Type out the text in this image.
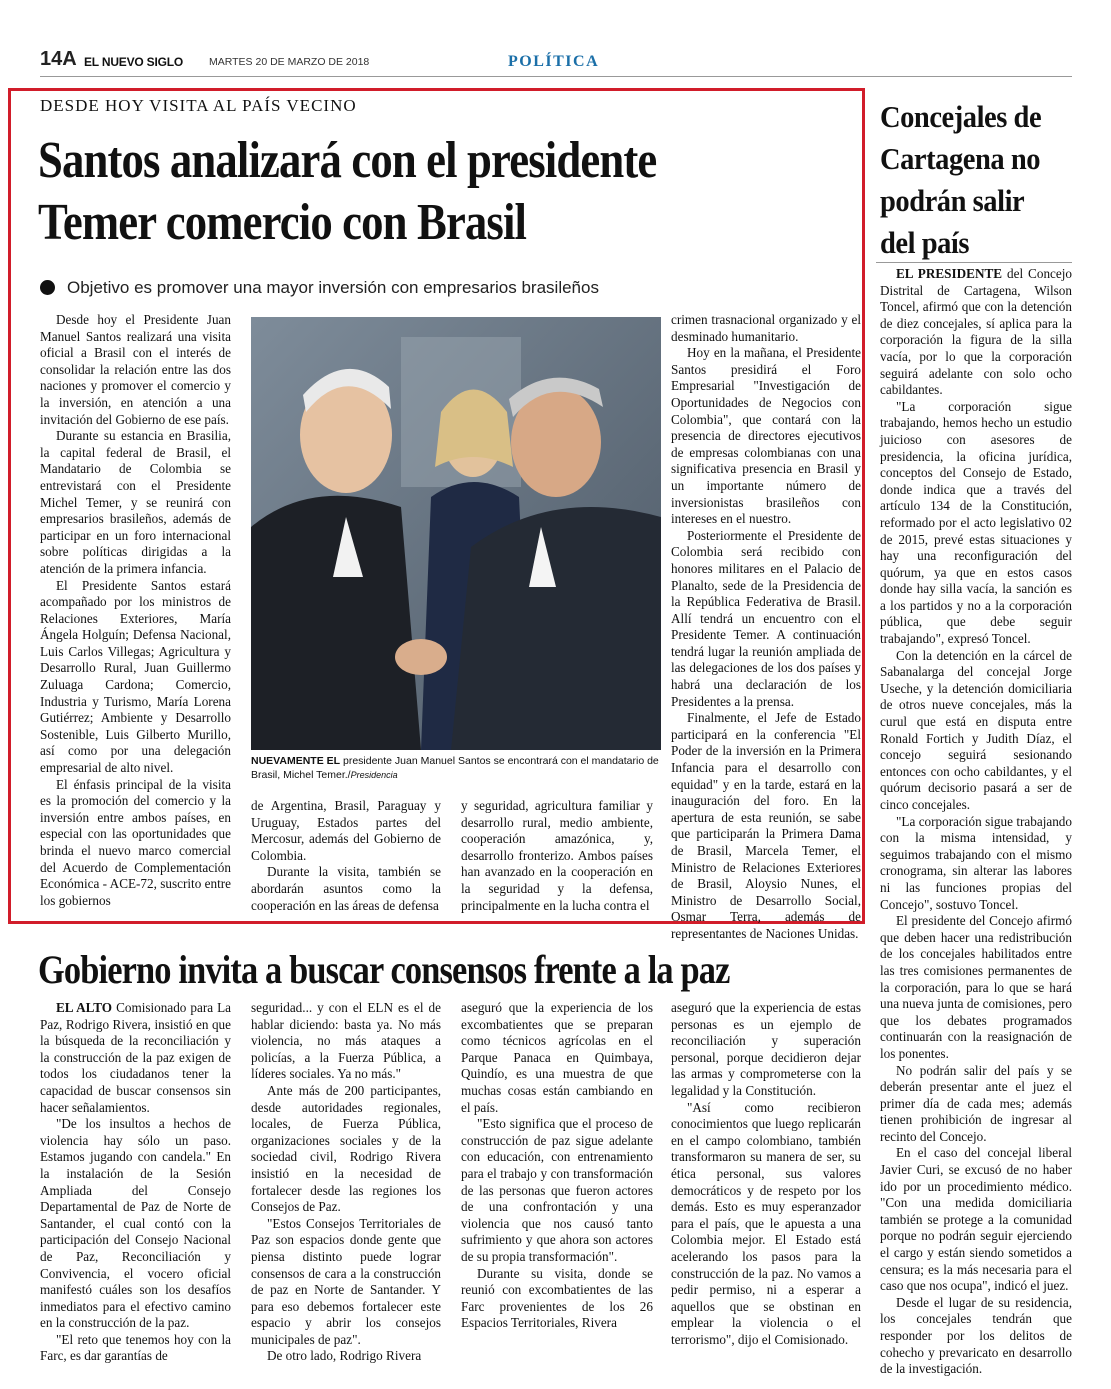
14A EL NUEVO SIGLO MARTES 20 DE MARZO DE 2018	POLÍTICA
DESDE HOY VISITA AL PAÍS VECINO
Santos analizará con el presidente
Temer comercio con Brasil
Objetivo es promover una mayor inversión con empresarios brasileños

Desde hoy el Presidente Juan Manuel Santos realizará una visita oficial a Brasil con el interés de consolidar la relación entre las dos naciones y promover el comercio y la inversión, en atención a una invitación del Gobierno de ese país.

Durante su estancia en Brasilia, la capital federal de Brasil, el Mandatario de Colombia se entrevistará con el Presidente Michel Temer, y se reunirá con empresarios brasileños, además de participar en un foro internacional sobre políticas dirigidas a la atención de la primera infancia.

El Presidente Santos estará acompañado por los ministros de Relaciones Exteriores, María Ángela Holguín; Defensa Nacional, Luis Carlos Villegas; Agricultura y Desarrollo Rural, Juan Guillermo Zuluaga Cardona; Comercio, Industria y Turismo, María Lorena Gutiérrez; Ambiente y Desarrollo Sostenible, Luis Gilberto Murillo, así como por una delegación empresarial de alto nivel.

El énfasis principal de la visita es la promoción del comercio y la inversión entre ambos países, en especial con las oportunidades que brinda el nuevo marco comercial del Acuerdo de Complementación Económica - ACE-72, suscrito entre los gobiernos

NUEVAMENTE EL presidente Juan Manuel Santos se encontrará con el mandatario de Brasil, Michel Temer./Presidencia

de Argentina, Brasil, Paraguay y Uruguay, Estados partes del Mercosur, además del Gobierno de Colombia.

Durante la visita, también se abordarán asuntos como la cooperación en las áreas de defensa

y seguridad, agricultura familiar y desarrollo rural, medio ambiente, cooperación amazónica, y, desarrollo fronterizo. Ambos países han avanzado en la cooperación en la seguridad y la defensa, principalmente en la lucha contra el

crimen trasnacional organizado y el desminado humanitario.

Hoy en la mañana, el Presidente Santos presidirá el Foro Empresarial "Investigación de Oportunidades de Negocios con Colombia", que contará con la presencia de directores ejecutivos de empresas colombianas con una significativa presencia en Brasil y un importante número de inversionistas brasileños con intereses en el nuestro.

Posteriormente el Presidente de Colombia será recibido con honores militares en el Palacio de Planalto, sede de la Presidencia de la República Federativa de Brasil. Allí tendrá un encuentro con el Presidente Temer. A continuación tendrá lugar la reunión ampliada de las delegaciones de los dos países y habrá una declaración de los Presidentes a la prensa.

Finalmente, el Jefe de Estado participará en la conferencia "El Poder de la inversión en la Primera Infancia para el desarrollo con equidad" y en la tarde, estará en la inauguración del foro. En la apertura de esta reunión, se sabe que participarán la Primera Dama de Brasil, Marcela Temer, el Ministro de Relaciones Exteriores de Brasil, Aloysio Nunes, el Ministro de Desarrollo Social, Osmar Terra, además de representantes de Naciones Unidas.

Concejales de Cartagena no podrán salir del país

EL PRESIDENTE del Concejo Distrital de Cartagena, Wilson Toncel, afirmó que con la detención de diez concejales, sí aplica para la corporación la figura de la silla vacía, por lo que la corporación seguirá adelante con solo ocho cabildantes.

"La corporación sigue trabajando, hemos hecho un estudio juicioso con asesores de presidencia, la oficina jurídica, conceptos del Consejo de Estado, donde indica que a través del artículo 134 de la Constitución, reformado por el acto legislativo 02 de 2015, prevé estas situaciones y hay una reconfiguración del quórum, ya que en estos casos donde hay silla vacía, la sanción es a los partidos y no a la corporación pública, que debe seguir trabajando", expresó Toncel.

Con la detención en la cárcel de Sabanalarga del concejal Jorge Useche, y la detención domiciliaria de otros nueve concejales, más la curul que está en disputa entre Ronald Fortich y Judith Díaz, el concejo seguirá sesionando entonces con ocho cabildantes, y el quórum decisorio pasará a ser de cinco concejales.

"La corporación sigue trabajando con la misma intensidad, y seguimos trabajando con el mismo cronograma, sin alterar las labores ni las funciones propias del Concejo", sostuvo Toncel.

El presidente del Concejo afirmó que deben hacer una redistribución de los concejales habilitados entre las tres comisiones permanentes de la corporación, para lo que se hará una nueva junta de comisiones, pero que los debates programados continuarán con la reasignación de los ponentes.

No podrán salir del país y se deberán presentar ante el juez el primer día de cada mes; además tienen prohibición de ingresar al recinto del Concejo.

En el caso del concejal liberal Javier Curi, se excusó de no haber ido por un procedimiento médico. "Con una medida domiciliaria también se protege a la comunidad porque no podrán seguir ejerciendo el cargo y están siendo sometidos a censura; es la más necesaria para el caso que nos ocupa", indicó el juez.

Desde el lugar de su residencia, los concejales tendrán que responder por los delitos de cohecho y prevaricato en desarrollo de la investigación.

Gobierno invita a buscar consensos frente a la paz

EL ALTO Comisionado para La Paz, Rodrigo Rivera, insistió en que la búsqueda de la reconciliación y la construcción de la paz exigen de todos los ciudadanos tener la capacidad de buscar consensos sin hacer señalamientos.

"De los insultos a hechos de violencia hay sólo un paso. Estamos jugando con candela." En la instalación de la Sesión Ampliada del Consejo Departamental de Paz de Norte de Santander, el cual contó con la participación del Consejo Nacional de Paz, Reconciliación y Convivencia, el vocero oficial manifestó cuáles son los desafíos inmediatos para el efectivo camino en la construcción de la paz.

"El reto que tenemos hoy con la Farc, es dar garantías de

seguridad... y con el ELN es el de hablar diciendo: basta ya. No más violencia, no más ataques a policías, a la Fuerza Pública, a líderes sociales. Ya no más."

Ante más de 200 participantes, desde autoridades regionales, locales, de Fuerza Pública, organizaciones sociales y de la sociedad civil, Rodrigo Rivera insistió en la necesidad de fortalecer desde las regiones los Consejos de Paz.

"Estos Consejos Territoriales de Paz son espacios donde gente que piensa distinto puede lograr consensos de cara a la construcción de paz en Norte de Santander. Y para eso debemos fortalecer este espacio y abrir los consejos municipales de paz".

De otro lado, Rodrigo Rivera

aseguró que la experiencia de los excombatientes que se preparan como técnicos agrícolas en el Parque Panaca en Quimbaya, Quindío, es una muestra de que muchas cosas están cambiando en el país.

"Esto significa que el proceso de construcción de paz sigue adelante con educación, con entrenamiento para el trabajo y con transformación de las personas que fueron actores de una confrontación y una violencia que nos causó tanto sufrimiento y que ahora son actores de su propia transformación".

Durante su visita, donde se reunió con excombatientes de las Farc provenientes de los 26 Espacios Territoriales, Rivera

aseguró que la experiencia de estas personas es un ejemplo de reconciliación y superación personal, porque decidieron dejar las armas y comprometerse con la legalidad y la Constitución.

"Así como recibieron conocimientos que luego replicarán en el campo colombiano, también transformaron su manera de ser, su ética personal, sus valores democráticos y de respeto por los demás. Esto es muy esperanzador para el país, que le apuesta a una Colombia mejor. El Estado está acelerando los pasos para la construcción de la paz. No vamos a pedir permiso, ni a esperar a aquellos que se obstinan en emplear la violencia o el terrorismo", dijo el Comisionado.
